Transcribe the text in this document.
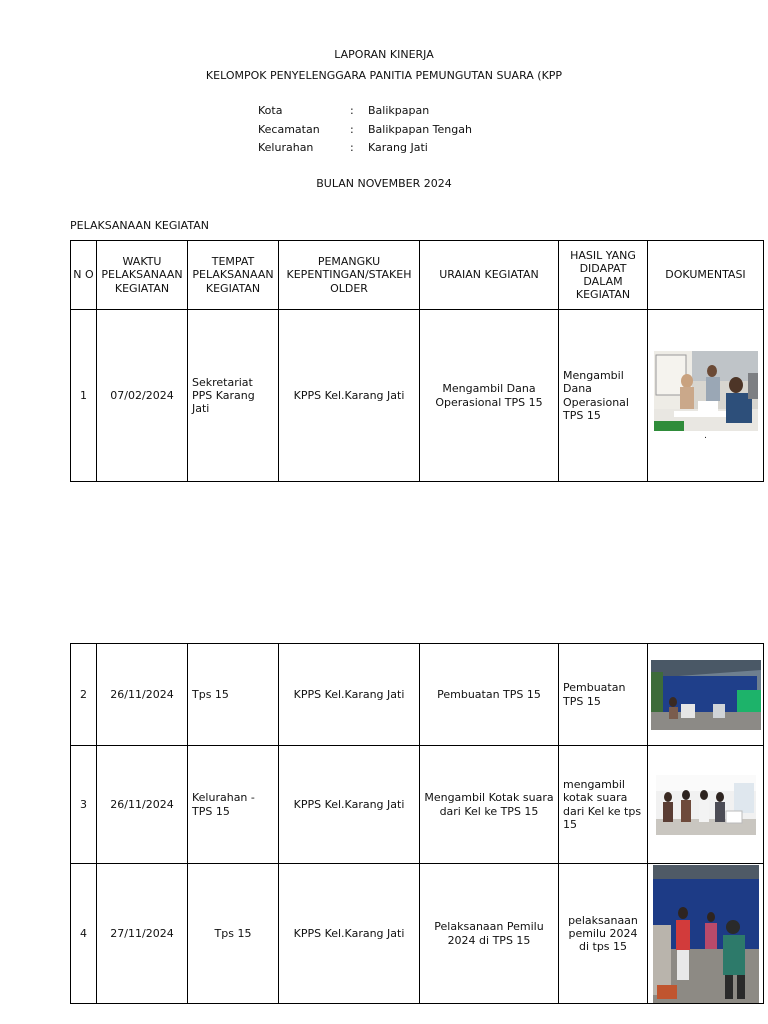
LAPORAN KINERJA
KELOMPOK PENYELENGGARA PANITIA PEMUNGUTAN SUARA (KPP
Kota	: Balikpapan
Kecamatan	: Balikpapan Tengah
Kelurahan	: Karang Jati
BULAN NOVEMBER 2024
PELAKSANAAN KEGIATAN
N O	WAKTU PELAKSANAAN KEGIATAN	TEMPAT PELAKSANAAN KEGIATAN	PEMANGKU KEPENTINGAN/STAKEH OLDER	URAIAN KEGIATAN	HASIL YANG DIDAPAT DALAM KEGIATAN	DOKUMENTASI
1	07/02/2024	Sekretariat PPS Karang Jati	KPPS Kel.Karang Jati	Mengambil Dana Operasional TPS 15	Mengambil Dana Operasional TPS 15	.
2	26/11/2024	Tps 15	KPPS Kel.Karang Jati	Pembuatan TPS 15	Pembuatan TPS 15	

3	26/11/2024	Kelurahan - TPS 15	KPPS Kel.Karang Jati	Mengambil Kotak suara dari Kel ke TPS 15	mengambil kotak suara dari Kel ke tps 15	

4	27/11/2024	Tps 15	KPPS Kel.Karang Jati	Pelaksanaan Pemilu 2024 di TPS 15	pelaksanaan pemilu 2024 di tps 15	
